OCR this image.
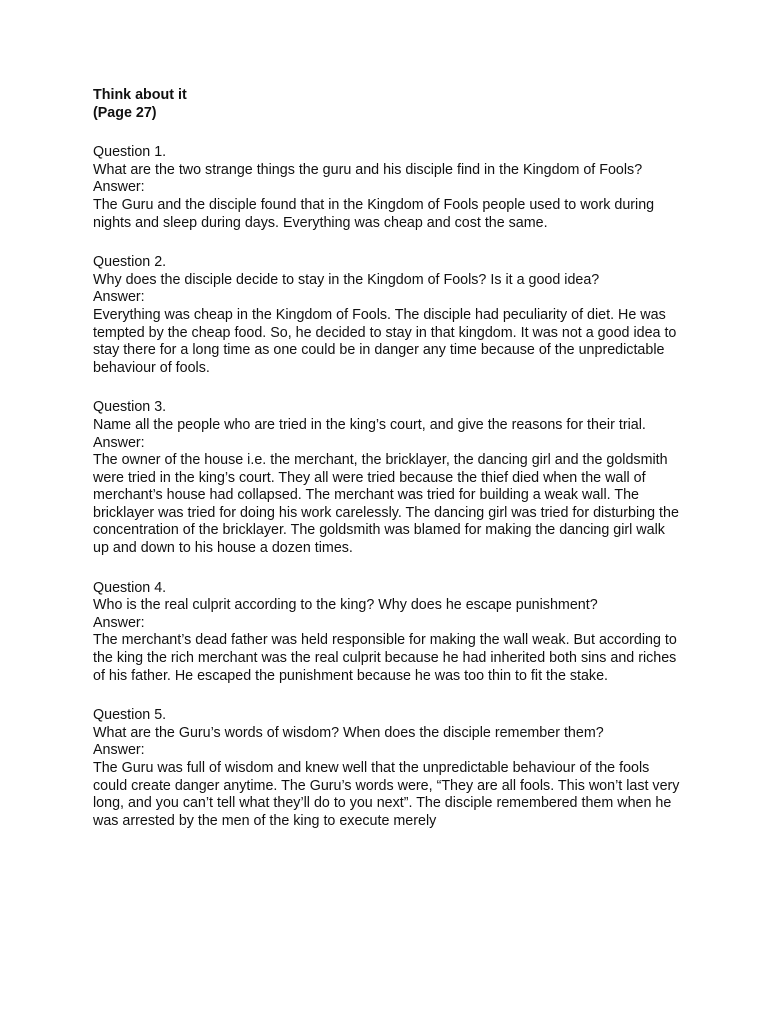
Think about it

(Page 27)

Question 1.

What are the two strange things the guru and his disciple find in the Kingdom of Fools?

Answer:

The Guru and the disciple found that in the Kingdom of Fools people used to work during nights and sleep during days. Everything was cheap and cost the same.

Question 2.

Why does the disciple decide to stay in the Kingdom of Fools? Is it a good idea?

Answer:

Everything was cheap in the Kingdom of Fools. The disciple had peculiarity of diet. He was tempted by the cheap food. So, he decided to stay in that kingdom. It was not a good idea to stay there for a long time as one could be in danger any time because of the unpredictable behaviour of fools.

Question 3.

Name all the people who are tried in the king’s court, and give the reasons for their trial.

Answer:

The owner of the house i.e. the merchant, the bricklayer, the dancing girl and the goldsmith were tried in the king’s court. They all were tried because the thief died when the wall of merchant’s house had collapsed. The merchant was tried for building a weak wall. The bricklayer was tried for doing his work carelessly. The dancing girl was tried for disturbing the concentration of the bricklayer. The goldsmith was blamed for making the dancing girl walk up and down to his house a dozen times.

Question 4.

Who is the real culprit according to the king? Why does he escape punishment?

Answer:

The merchant’s dead father was held responsible for making the wall weak. But according to the king the rich merchant was the real culprit because he had inherited both sins and riches of his father. He escaped the punishment because he was too thin to fit the stake.

Question 5.

What are the Guru’s words of wisdom? When does the disciple remember them?

Answer:

The Guru was full of wisdom and knew well that the unpredictable behaviour of the fools could create danger anytime. The Guru’s words were, “They are all fools. This won’t last very long, and you can’t tell what they’ll do to you next”. The disciple remembered them when he was arrested by the men of the king to execute merely
